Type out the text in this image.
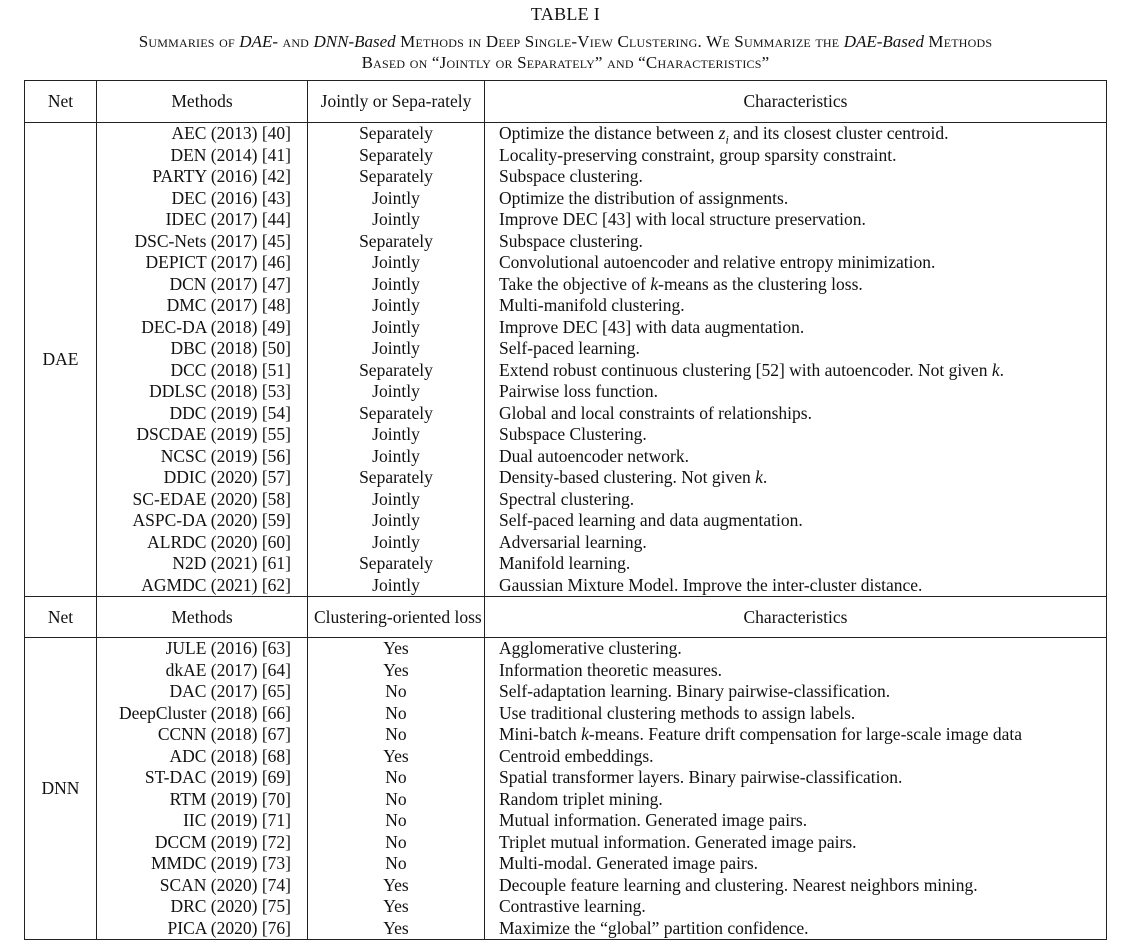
TABLE I
Summaries of DAE- and DNN-Based Methods in Deep Single-View Clustering. We Summarize the DAE-Based Methods
Based on “Jointly or Separately” and “Characteristics”
Net	Methods	Jointly or Sepa-rately	Characteristics
DAE	AEC (2013) [40]	Separately	Optimize the distance between $z_i$ and its closest cluster centroid.
	DEN (2014) [41]	Separately	Locality-preserving constraint, group sparsity constraint.
	PARTY (2016) [42]	Separately	Subspace clustering.
	DEC (2016) [43]	Jointly	Optimize the distribution of assignments.
	IDEC (2017) [44]	Jointly	Improve DEC [43] with local structure preservation.
	DSC-Nets (2017) [45]	Separately	Subspace clustering.
	DEPICT (2017) [46]	Jointly	Convolutional autoencoder and relative entropy minimization.
	DCN (2017) [47]	Jointly	Take the objective of k-means as the clustering loss.
	DMC (2017) [48]	Jointly	Multi-manifold clustering.
	DEC-DA (2018) [49]	Jointly	Improve DEC [43] with data augmentation.
	DBC (2018) [50]	Jointly	Self-paced learning.
	DCC (2018) [51]	Separately	Extend robust continuous clustering [52] with autoencoder. Not given k.
	DDLSC (2018) [53]	Jointly	Pairwise loss function.
	DDC (2019) [54]	Separately	Global and local constraints of relationships.
	DSCDAE (2019) [55]	Jointly	Subspace Clustering.
	NCSC (2019) [56]	Jointly	Dual autoencoder network.
	DDIC (2020) [57]	Separately	Density-based clustering. Not given k.
	SC-EDAE (2020) [58]	Jointly	Spectral clustering.
	ASPC-DA (2020) [59]	Jointly	Self-paced learning and data augmentation.
	ALRDC (2020) [60]	Jointly	Adversarial learning.
	N2D (2021) [61]	Separately	Manifold learning.
	AGMDC (2021) [62]	Jointly	Gaussian Mixture Model. Improve the inter-cluster distance.
Net	Methods	Clustering-oriented loss	Characteristics
DNN	JULE (2016) [63]	Yes	Agglomerative clustering.
	dkAE (2017) [64]	Yes	Information theoretic measures.
	DAC (2017) [65]	No	Self-adaptation learning. Binary pairwise-classification.
	DeepCluster (2018) [66]	No	Use traditional clustering methods to assign labels.
	CCNN (2018) [67]	No	Mini-batch k-means. Feature drift compensation for large-scale image data
	ADC (2018) [68]	Yes	Centroid embeddings.
	ST-DAC (2019) [69]	No	Spatial transformer layers. Binary pairwise-classification.
	RTM (2019) [70]	No	Random triplet mining.
	IIC (2019) [71]	No	Mutual information. Generated image pairs.
	DCCM (2019) [72]	No	Triplet mutual information. Generated image pairs.
	MMDC (2019) [73]	No	Multi-modal. Generated image pairs.
	SCAN (2020) [74]	Yes	Decouple feature learning and clustering. Nearest neighbors mining.
	DRC (2020) [75]	Yes	Contrastive learning.
	PICA (2020) [76]	Yes	Maximize the “global” partition confidence.
